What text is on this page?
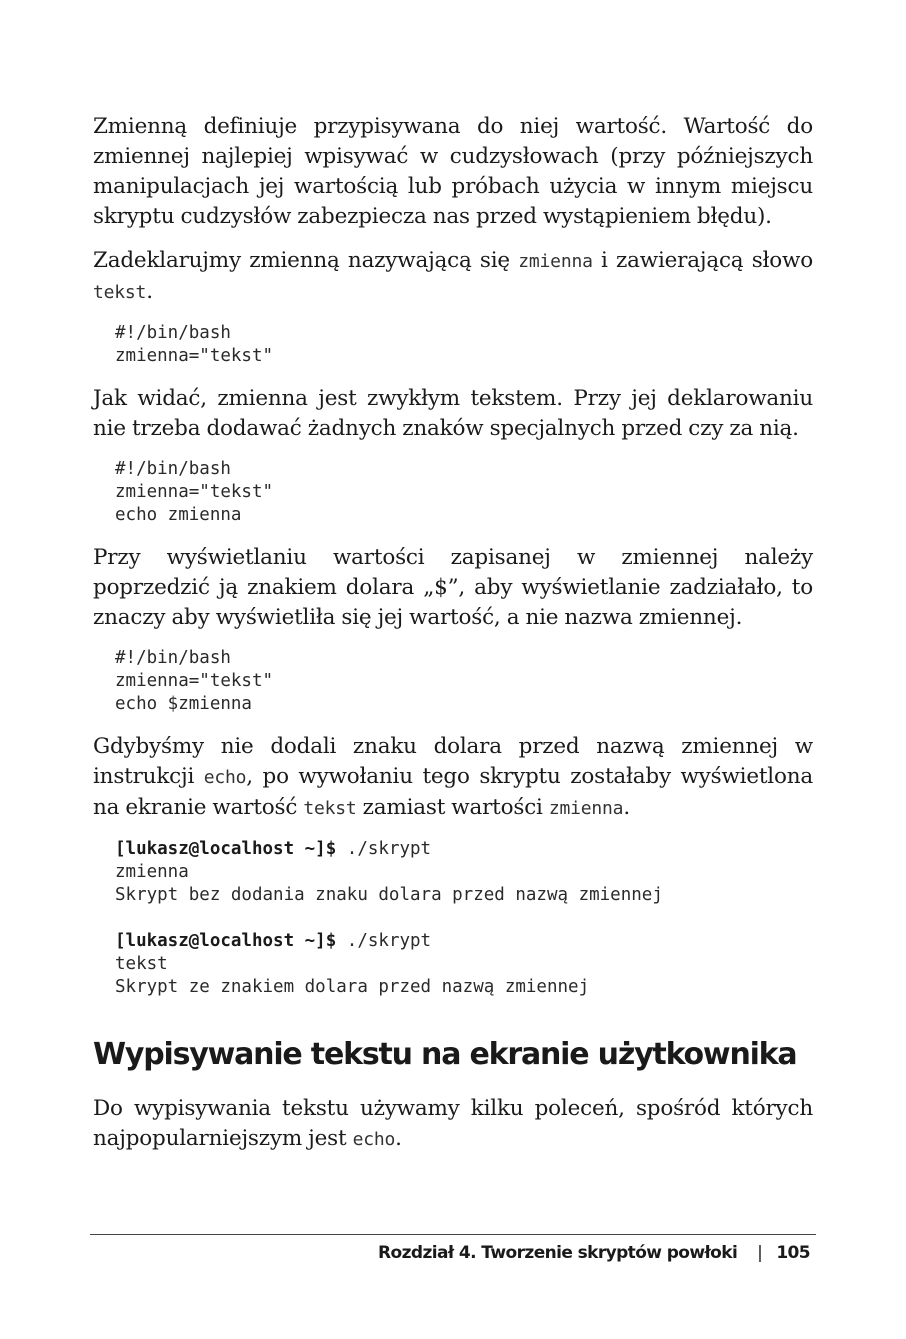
Zmienną definiuje przypisywana do niej wartość. Wartość do zmiennej najlepiej wpisywać w cudzysłowach (przy późniejszych manipulacjach jej wartością lub próbach użycia w innym miejscu skryptu cudzysłów zabezpiecza nas przed wystąpieniem błędu).

Zadeklarujmy zmienną nazywającą się zmienna i zawierającą słowo tekst.

#!/bin/bash
zmienna="tekst"

Jak widać, zmienna jest zwykłym tekstem. Przy jej deklarowaniu nie trzeba dodawać żadnych znaków specjalnych przed czy za nią.

#!/bin/bash
zmienna="tekst"
echo zmienna

Przy wyświetlaniu wartości zapisanej w zmiennej należy poprzedzić ją znakiem dolara „$”, aby wyświetlanie zadziałało, to znaczy aby wyświetliła się jej wartość, a nie nazwa zmiennej.

#!/bin/bash
zmienna="tekst"
echo $zmienna

Gdybyśmy nie dodali znaku dolara przed nazwą zmiennej w instrukcji echo, po wywołaniu tego skryptu zostałaby wyświetlona na ekranie wartość tekst zamiast wartości zmienna.

[lukasz@localhost ~]$ ./skrypt
zmienna
Skrypt bez dodania znaku dolara przed nazwą zmiennej
[lukasz@localhost ~]$ ./skrypt
tekst
Skrypt ze znakiem dolara przed nazwą zmiennej
Wypisywanie tekstu na ekranie użytkownika

Do wypisywania tekstu używamy kilku poleceń, spośród których najpopularniejszym jest echo.

Rozdział 4. Tworzenie skryptów powłoki | 105
